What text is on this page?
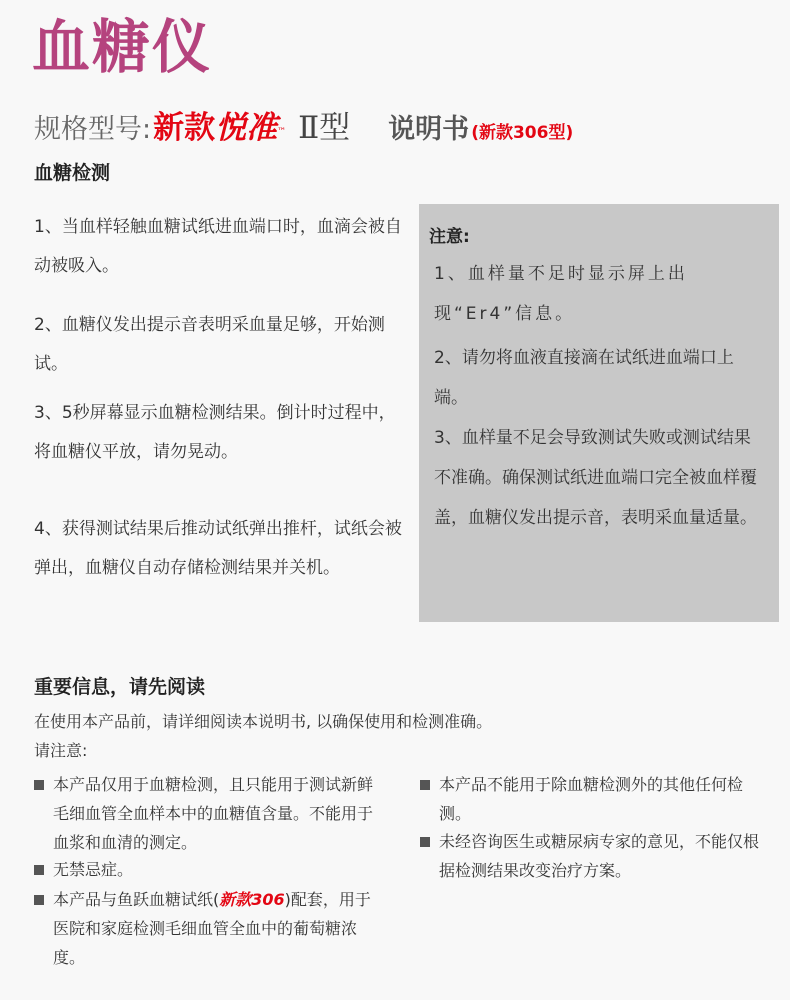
血糖仪
规格型号: 新款 悦准 ™ Ⅱ型 说明书 (新款306型)
血糖检测
1、当血样轻触血糖试纸进血端口时，血滴会被自动被吸入。
2、血糖仪发出提示音表明采血量足够，开始测试。
3、5秒屏幕显示血糖检测结果。倒计时过程中，将血糖仪平放，请勿晃动。
4、获得测试结果后推动试纸弹出推杆，试纸会被弹出，血糖仪自动存储检测结果并关机。
注意:
1、血样量不足时显示屏上出现“Er4”信息。
2、请勿将血液直接滴在试纸进血端口上端。
3、血样量不足会导致测试失败或测试结果不准确。确保测试纸进血端口完全被血样覆盖，血糖仪发出提示音，表明采血量适量。
重要信息，请先阅读
在使用本产品前，请详细阅读本说明书, 以确保使用和检测准确。
请注意:
本产品仅用于血糖检测，且只能用于测试新鲜毛细血管全血样本中的血糖值含量。不能用于血浆和血清的测定。
无禁忌症。
本产品与鱼跃血糖试纸(新款306)配套，用于医院和家庭检测毛细血管全血中的葡萄糖浓度。
本产品不能用于除血糖检测外的其他任何检测。
未经咨询医生或糖尿病专家的意见，不能仅根据检测结果改变治疗方案。
